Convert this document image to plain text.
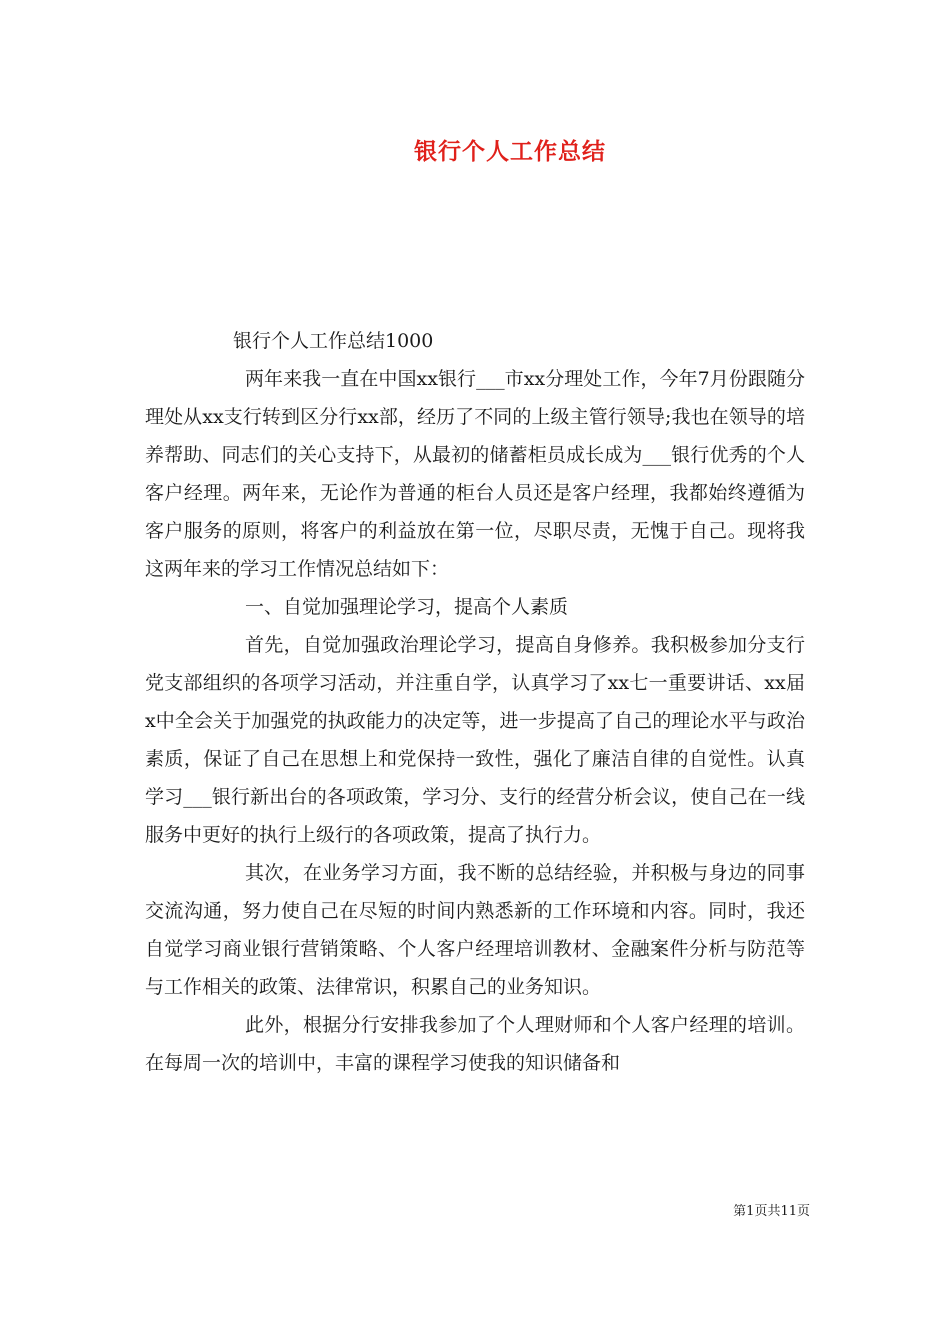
银行个人工作总结

银行个人工作总结1000

两年来我一直在中国xx银行___市xx分理处工作，今年7月份跟随分理处从xx支行转到区分行xx部，经历了不同的上级主管行领导;我也在领导的培养帮助、同志们的关心支持下，从最初的储蓄柜员成长成为___银行优秀的个人客户经理。两年来，无论作为普通的柜台人员还是客户经理，我都始终遵循为客户服务的原则，将客户的利益放在第一位，尽职尽责，无愧于自己。现将我这两年来的学习工作情况总结如下：

一、自觉加强理论学习，提高个人素质

首先，自觉加强政治理论学习，提高自身修养。我积极参加分支行党支部组织的各项学习活动，并注重自学，认真学习了xx七一重要讲话、xx届x中全会关于加强党的执政能力的决定等，进一步提高了自己的理论水平与政治素质，保证了自己在思想上和党保持一致性，强化了廉洁自律的自觉性。认真学习___银行新出台的各项政策，学习分、支行的经营分析会议，使自己在一线服务中更好的执行上级行的各项政策，提高了执行力。

其次，在业务学习方面，我不断的总结经验，并积极与身边的同事交流沟通，努力使自己在尽短的时间内熟悉新的工作环境和内容。同时，我还自觉学习商业银行营销策略、个人客户经理培训教材、金融案件分析与防范等与工作相关的政策、法律常识，积累自己的业务知识。

此外，根据分行安排我参加了个人理财师和个人客户经理的培训。在每周一次的培训中，丰富的课程学习使我的知识储备和

第1页共11页
